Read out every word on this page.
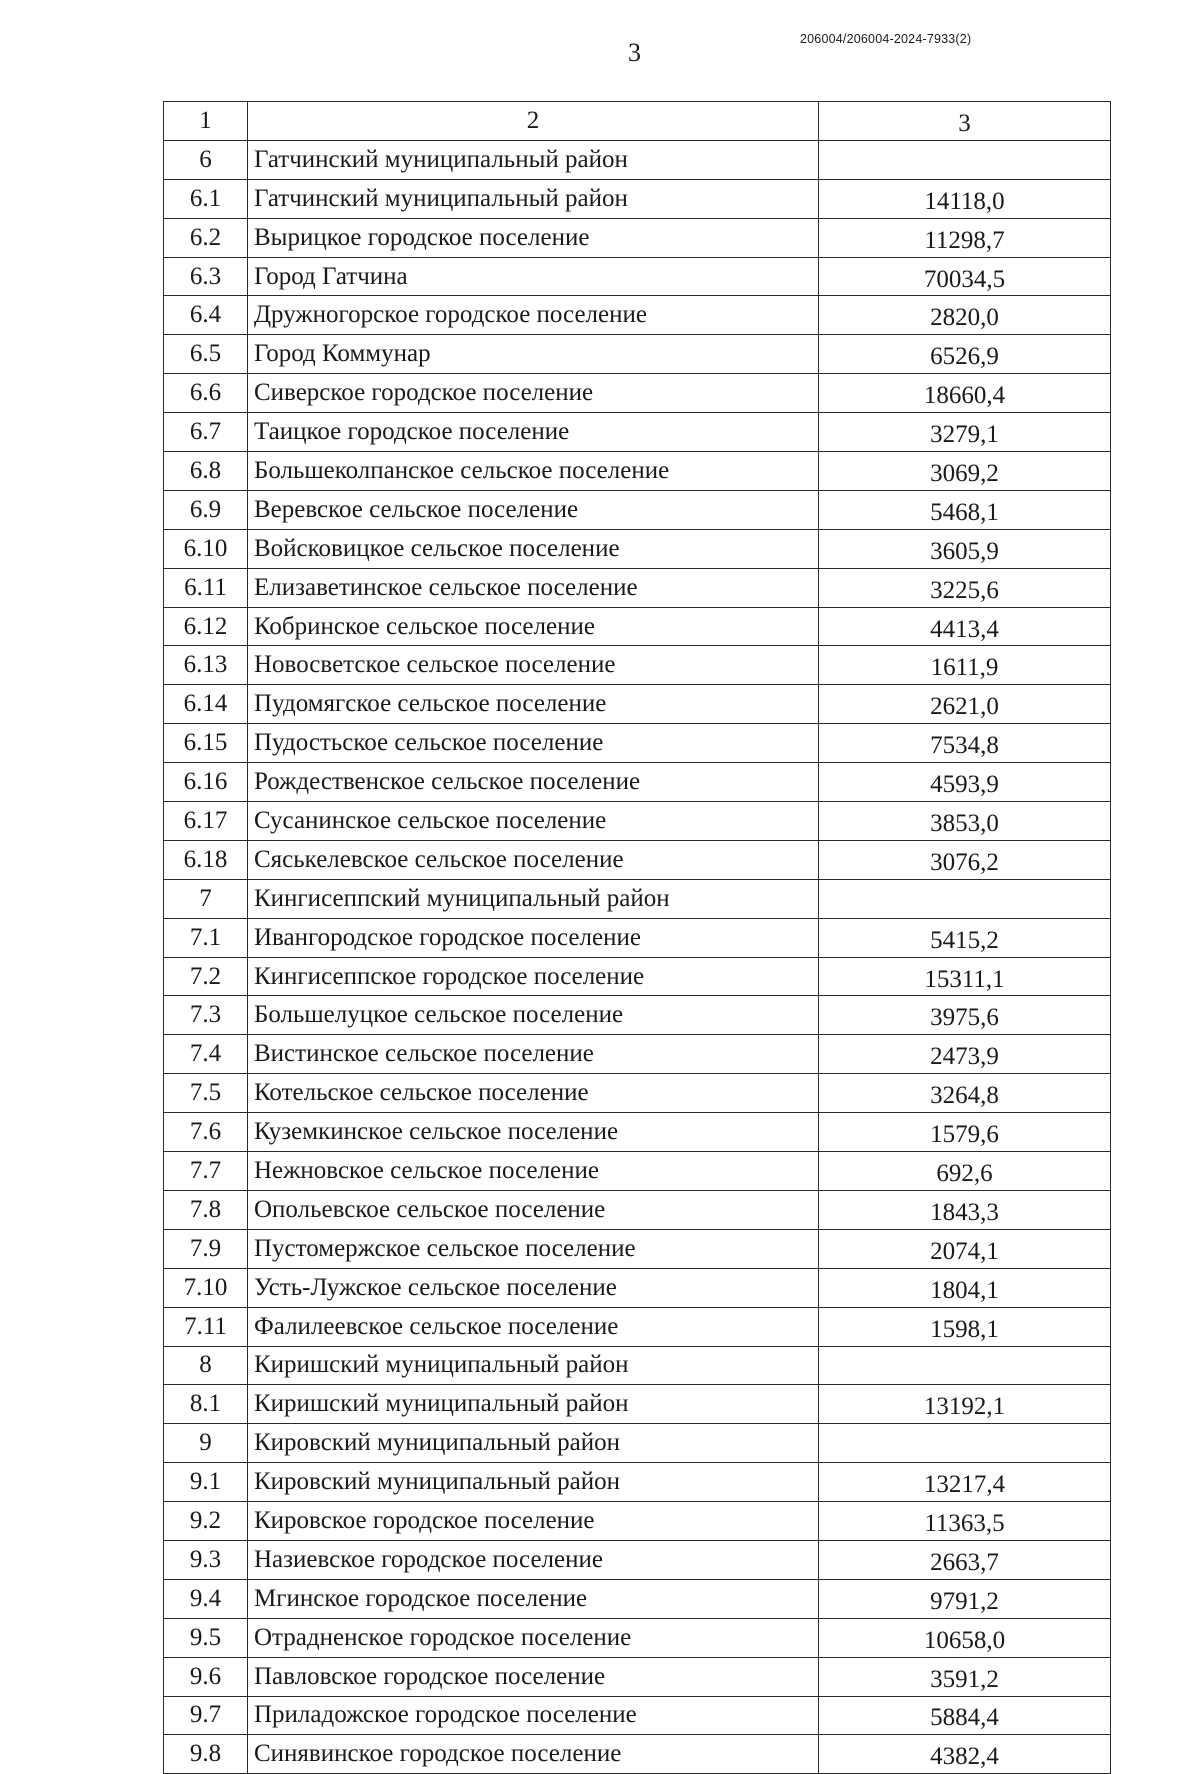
3	206004/206004-2024-7933(2)
1	2	3
6	Гатчинский муниципальный район	
6.1	Гатчинский муниципальный район	14118,0
6.2	Вырицкое городское поселение	11298,7
6.3	Город Гатчина	70034,5
6.4	Дружногорское городское поселение	2820,0
6.5	Город Коммунар	6526,9
6.6	Сиверское городское поселение	18660,4
6.7	Таицкое городское поселение	3279,1
6.8	Большеколпанское сельское поселение	3069,2
6.9	Веревское сельское поселение	5468,1
6.10	Войсковицкое сельское поселение	3605,9
6.11	Елизаветинское сельское поселение	3225,6
6.12	Кобринское сельское поселение	4413,4
6.13	Новосветское сельское поселение	1611,9
6.14	Пудомягское сельское поселение	2621,0
6.15	Пудостьское сельское поселение	7534,8
6.16	Рождественское сельское поселение	4593,9
6.17	Сусанинское сельское поселение	3853,0
6.18	Сяськелевское сельское поселение	3076,2
7	Кингисеппский муниципальный район	
7.1	Ивангородское городское поселение	5415,2
7.2	Кингисеппское городское поселение	15311,1
7.3	Большелуцкое сельское поселение	3975,6
7.4	Вистинское сельское поселение	2473,9
7.5	Котельское сельское поселение	3264,8
7.6	Куземкинское сельское поселение	1579,6
7.7	Нежновское сельское поселение	692,6
7.8	Опольевское сельское поселение	1843,3
7.9	Пустомержское сельское поселение	2074,1
7.10	Усть-Лужское сельское поселение	1804,1
7.11	Фалилеевское сельское поселение	1598,1
8	Киришский муниципальный район	
8.1	Киришский муниципальный район	13192,1
9	Кировский муниципальный район	
9.1	Кировский муниципальный район	13217,4
9.2	Кировское городское поселение	11363,5
9.3	Назиевское городское поселение	2663,7
9.4	Мгинское городское поселение	9791,2
9.5	Отрадненское городское поселение	10658,0
9.6	Павловское городское поселение	3591,2
9.7	Приладожское городское поселение	5884,4
9.8	Синявинское городское поселение	4382,4
